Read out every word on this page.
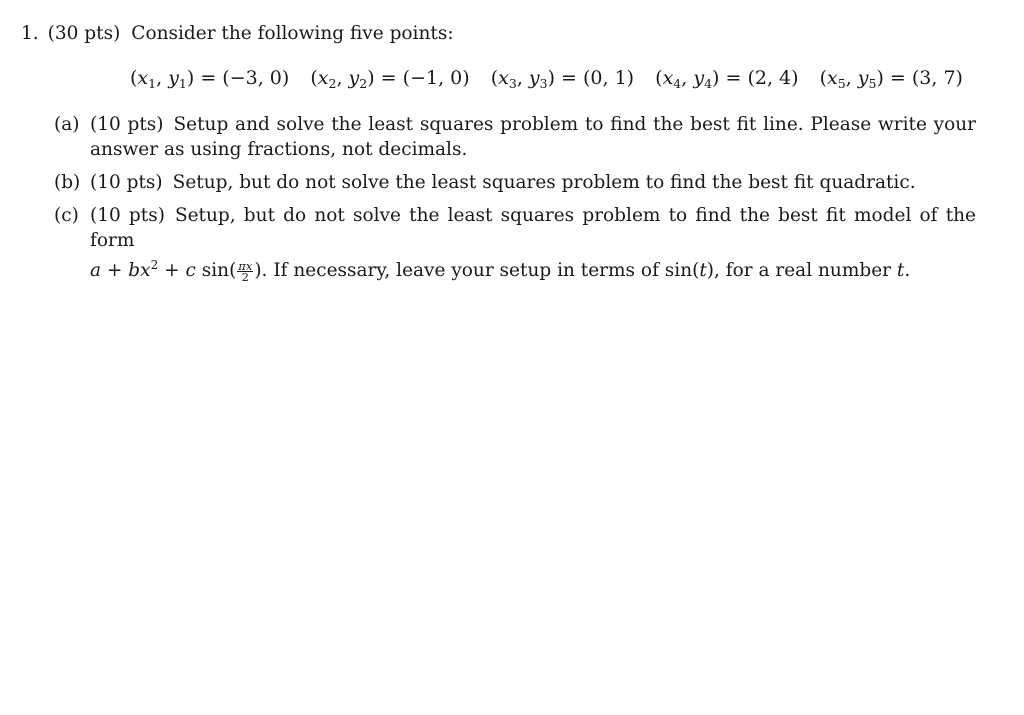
1. (30 pts) Consider the following five points:
($x_1$, $y_1) = (-3$, 0) ($x_2$, $y_2) = (-1$, 0) ($x_3$, $y_3) = (0$, 1) ($x_4$, $y_4) = (2$, 4) ($x_5$, $y_5) = (3$, 7)
(a) (10 pts) Setup and solve the least squares problem to find the best fit line. Please write your answer as using fractions, not decimals.
(b) (10 pts) Setup, but do not solve the least squares problem to find the best fit quadratic.
(c) (10 pts) Setup, but do not solve the least squares problem to find the best fit model of the form
$a + bx^2 + c$ $\sin( \frac{\pi x}{2}$ ). If necessary, leave your setup in terms of sin(t), for a real number t.
